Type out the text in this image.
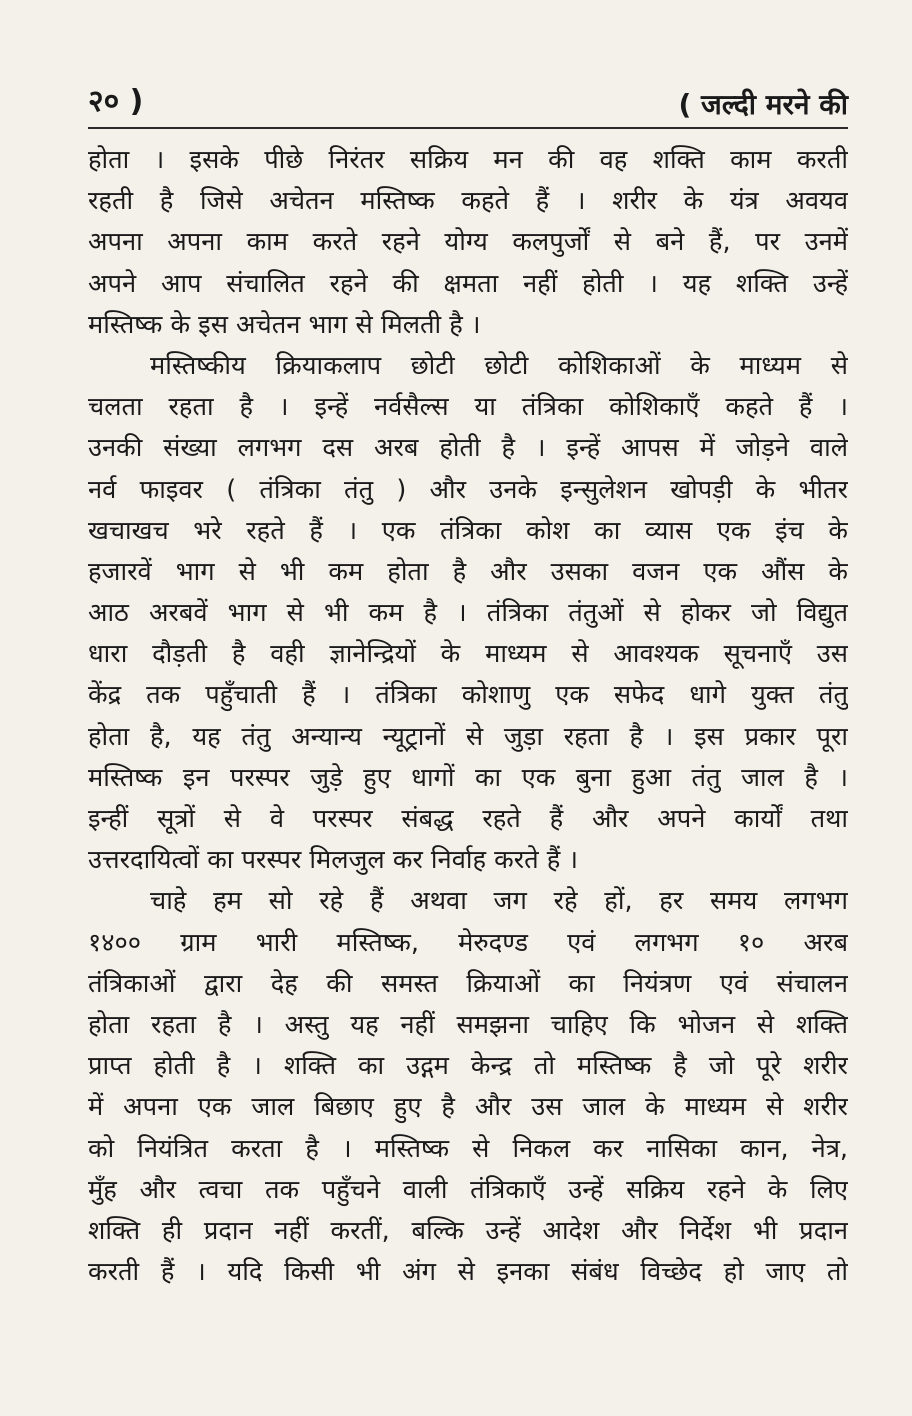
२० )	( जल्दी मरने की
होता । इसके पीछे निरंतर सक्रिय मन की वह शक्ति काम करती
रहती है जिसे अचेतन मस्तिष्क कहते हैं । शरीर के यंत्र अवयव
अपना अपना काम करते रहने योग्य कलपुर्जों से बने हैं, पर उनमें
अपने आप संचालित रहने की क्षमता नहीं होती । यह शक्ति उन्हें
मस्तिष्क के इस अचेतन भाग से मिलती है ।
मस्तिष्कीय क्रियाकलाप छोटी छोटी कोशिकाओं के माध्यम से
चलता रहता है । इन्हें नर्वसैल्स या तंत्रिका कोशिकाएँ कहते हैं ।
उनकी संख्या लगभग दस अरब होती है । इन्हें आपस में जोड़ने वाले
नर्व फाइवर ( तंत्रिका तंतु ) और उनके इन्सुलेशन खोपड़ी के भीतर
खचाखच भरे रहते हैं । एक तंत्रिका कोश का व्यास एक इंच के
हजारवें भाग से भी कम होता है और उसका वजन एक औंस के
आठ अरबवें भाग से भी कम है । तंत्रिका तंतुओं से होकर जो विद्युत
धारा दौड़ती है वही ज्ञानेन्द्रियों के माध्यम से आवश्यक सूचनाएँ उस
केंद्र तक पहुँचाती हैं । तंत्रिका कोशाणु एक सफेद धागे युक्त तंतु
होता है, यह तंतु अन्यान्य न्यूट्रानों से जुड़ा रहता है । इस प्रकार पूरा
मस्तिष्क इन परस्पर जुड़े हुए धागों का एक बुना हुआ तंतु जाल है ।
इन्हीं सूत्रों से वे परस्पर संबद्ध रहते हैं और अपने कार्यों तथा
उत्तरदायित्वों का परस्पर मिलजुल कर निर्वाह करते हैं ।
चाहे हम सो रहे हैं अथवा जग रहे हों, हर समय लगभग
१४०० ग्राम भारी मस्तिष्क, मेरुदण्ड एवं लगभग १० अरब
तंत्रिकाओं द्वारा देह की समस्त क्रियाओं का नियंत्रण एवं संचालन
होता रहता है । अस्तु यह नहीं समझना चाहिए कि भोजन से शक्ति
प्राप्त होती है । शक्ति का उद्गम केन्द्र तो मस्तिष्क है जो पूरे शरीर
में अपना एक जाल बिछाए हुए है और उस जाल के माध्यम से शरीर
को नियंत्रित करता है । मस्तिष्क से निकल कर नासिका कान, नेत्र,
मुँह और त्वचा तक पहुँचने वाली तंत्रिकाएँ उन्हें सक्रिय रहने के लिए
शक्ति ही प्रदान नहीं करतीं, बल्कि उन्हें आदेश और निर्देश भी प्रदान
करती हैं । यदि किसी भी अंग से इनका संबंध विच्छेद हो जाए तो
